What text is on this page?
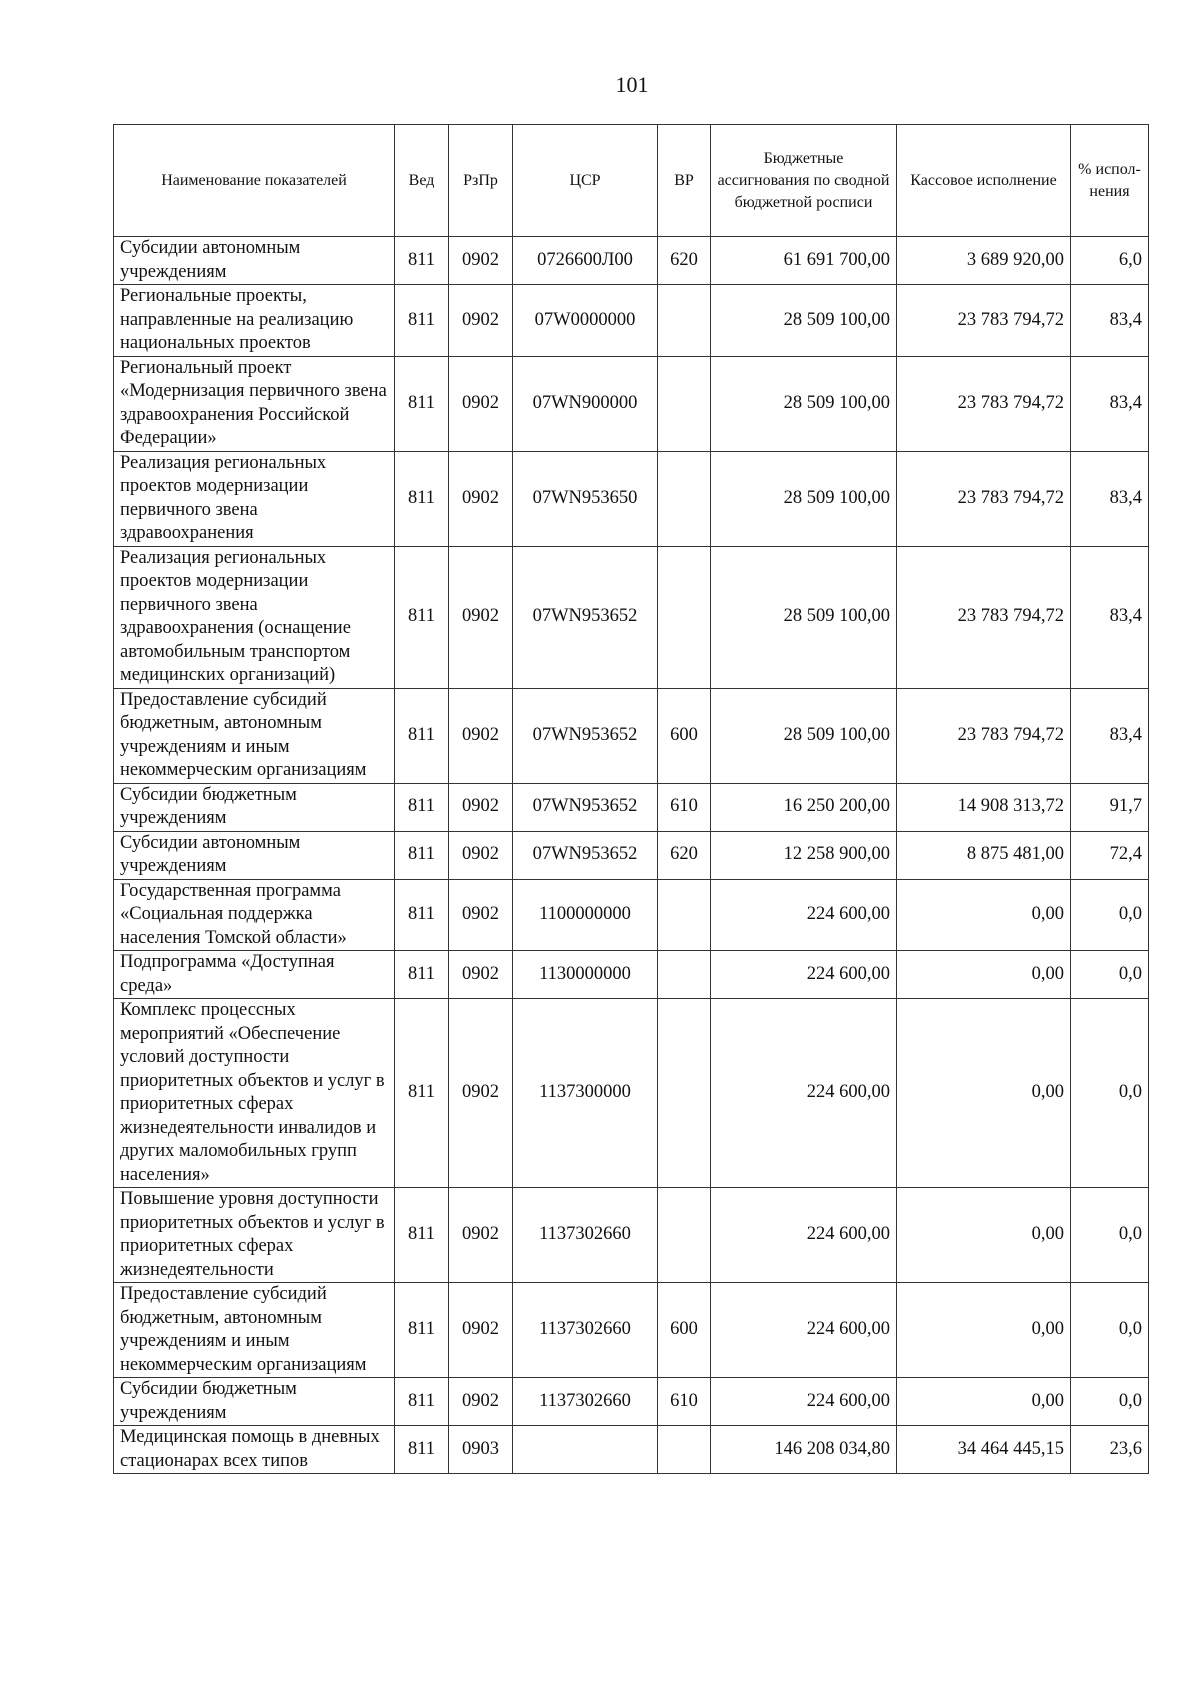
101
Наименование показателей	Вед	РзПр	ЦСР	ВР	Бюджетные ассигнования по сводной бюджетной росписи	Кассовое исполнение	% испол-нения
Субсидии автономным учреждениям	811	0902	0726600Л00	620	61 691 700,00	3 689 920,00	6,0
Региональные проекты, направленные на реализацию национальных проектов	811	0902	07W0000000		28 509 100,00	23 783 794,72	83,4
Региональный проект «Модернизация первичного звена здравоохранения Российской Федерации»	811	0902	07WN900000		28 509 100,00	23 783 794,72	83,4
Реализация региональных проектов модернизации первичного звена здравоохранения	811	0902	07WN953650		28 509 100,00	23 783 794,72	83,4
Реализация региональных проектов модернизации первичного звена здравоохранения (оснащение автомобильным транспортом медицинских организаций)	811	0902	07WN953652		28 509 100,00	23 783 794,72	83,4
Предоставление субсидий бюджетным, автономным учреждениям и иным некоммерческим организациям	811	0902	07WN953652	600	28 509 100,00	23 783 794,72	83,4
Субсидии бюджетным учреждениям	811	0902	07WN953652	610	16 250 200,00	14 908 313,72	91,7
Субсидии автономным учреждениям	811	0902	07WN953652	620	12 258 900,00	8 875 481,00	72,4
Государственная программа «Социальная поддержка населения Томской области»	811	0902	1100000000		224 600,00	0,00	0,0
Подпрограмма «Доступная среда»	811	0902	1130000000		224 600,00	0,00	0,0
Комплекс процессных мероприятий «Обеспечение условий доступности приоритетных объектов и услуг в приоритетных сферах жизнедеятельности инвалидов и других маломобильных групп населения»	811	0902	1137300000		224 600,00	0,00	0,0
Повышение уровня доступности приоритетных объектов и услуг в приоритетных сферах жизнедеятельности	811	0902	1137302660		224 600,00	0,00	0,0
Предоставление субсидий бюджетным, автономным учреждениям и иным некоммерческим организациям	811	0902	1137302660	600	224 600,00	0,00	0,0
Субсидии бюджетным учреждениям	811	0902	1137302660	610	224 600,00	0,00	0,0
Медицинская помощь в дневных стационарах всех типов	811	0903			146 208 034,80	34 464 445,15	23,6
